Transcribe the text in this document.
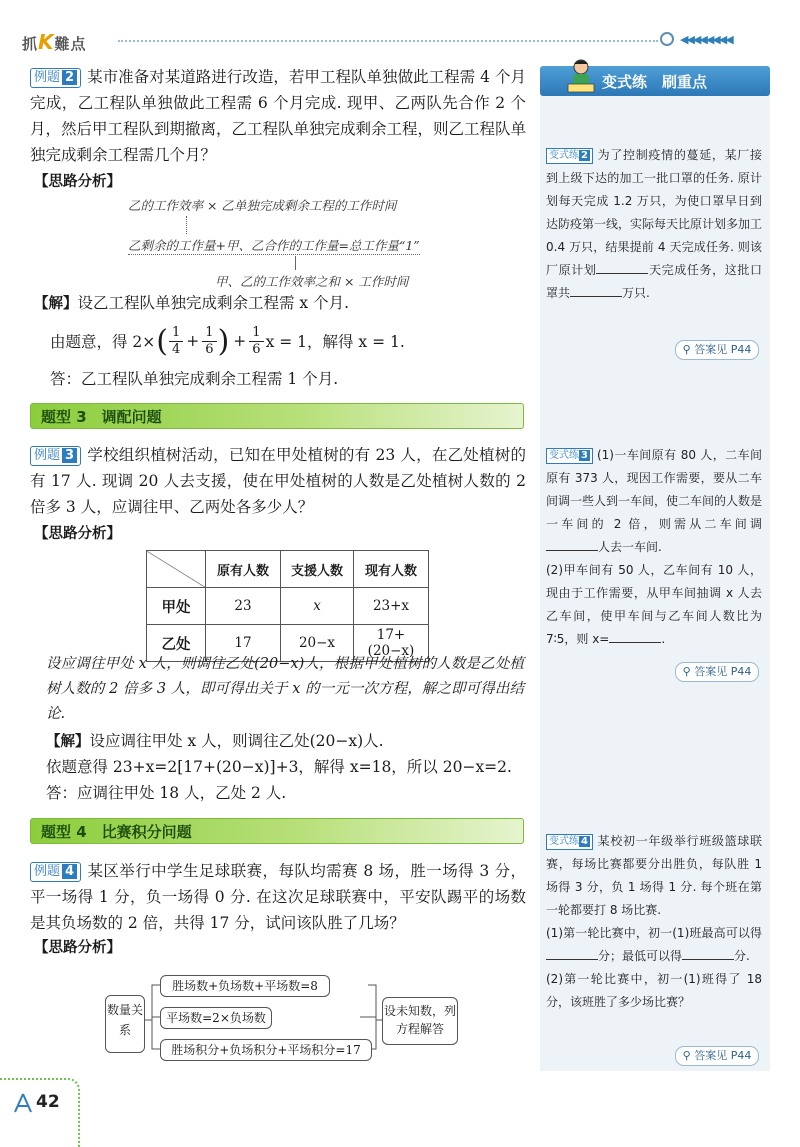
抓K難点	◀◀◀◀◀◀◀◀
例题 2 某市准备对某道路进行改造，若甲工程队单独做此工程需 4 个月完成，乙工程队单独做此工程需 6 个月完成. 现甲、乙两队先合作 2 个月，然后甲工程队到期撤离，乙工程队单独完成剩余工程，则乙工程队单独完成剩余工程需几个月？
【思路分析】
乙的工作效率 × 乙单独完成剩余工程的工作时间
乙剩余的工作量+甲、乙合作的工作量=总工作量“1”
甲、乙的工作效率之和 × 工作时间
【解】设乙工程队单独完成剩余工程需 x 个月.
由题意，得 2× ( 1
$4 + \frac{1}{6}$ ) + $\frac{1}{6}$ x = 1，解得 x = 1.
答：乙工程队单独完成剩余工程需 1 个月.
题型 3　调配问题
例题 3 学校组织植树活动，已知在甲处植树的有 23 人，在乙处植树的有 17 人. 现调 20 人去支援，使在甲处植树的人数是乙处植树人数的 2 倍多 3 人，应调往甲、乙两处各多少人？
【思路分析】
	原有人数	支援人数	现有人数
甲处	23	x	23+x
乙处	17	20−x	17+(20−x)
设应调往甲处 x 人，则调往乙处(20−x)人，根据甲处植树的人数是乙处植树人数的 2 倍多 3 人，即可得出关于 x 的一元一次方程，解之即可得出结论.
【解】设应调往甲处 x 人，则调往乙处(20−x)人.
依题意得 23+x=2[17+(20−x)]+3，解得 x=18，所以 20−x=2.
答：应调往甲处 18 人，乙处 2 人.
题型 4　比赛积分问题
例题 4 某区举行中学生足球联赛，每队均需赛 8 场，胜一场得 3 分，平一场得 1 分，负一场得 0 分. 在这次足球联赛中，平安队踢平的场数是其负场数的 2 倍，共得 17 分，试问该队胜了几场？
【思路分析】
数量关系
胜场数+负场数+平场数=8
平场数=2×负场数
胜场积分+负场积分+平场积分=17
设未知数，列方程解答
变式练　刷重点
变式练 2 为了控制疫情的蔓延，某厂接到上级下达的加工一批口罩的任务. 原计划每天完成 1.2 万只，为使口罩早日到达防疫第一线，实际每天比原计划多加工 0.4 万只，结果提前 4 天完成任务. 则该厂原计划	天完成任务，这批口罩共	万只.
⚲ 答案见 P44
变式练 3 (1)一车间原有 80 人，二车间原有 373 人，现因工作需要，要从二车间调一些人到一车间，使二车间的人数是一车间的 2 倍，则需从二车间调人去一车间.
(2)甲车间有 50 人，乙车间有 10 人，现由于工作需要，从甲车间抽调 x 人去乙车间，使甲车间与乙车间人数比为 7∶5，则 x=	.
⚲ 答案见 P44
变式练 4 某校初一年级举行班级篮球联赛，每场比赛都要分出胜负，每队胜 1 场得 3 分，负 1 场得 1 分. 每个班在第一轮都要打 8 场比赛.
(1)第一轮比赛中，初一(1)班最高可以得分；最低可以得	分.
(2)第一轮比赛中，初一(1)班得了 18 分，该班胜了多少场比赛？
⚲ 答案见 P44
42
